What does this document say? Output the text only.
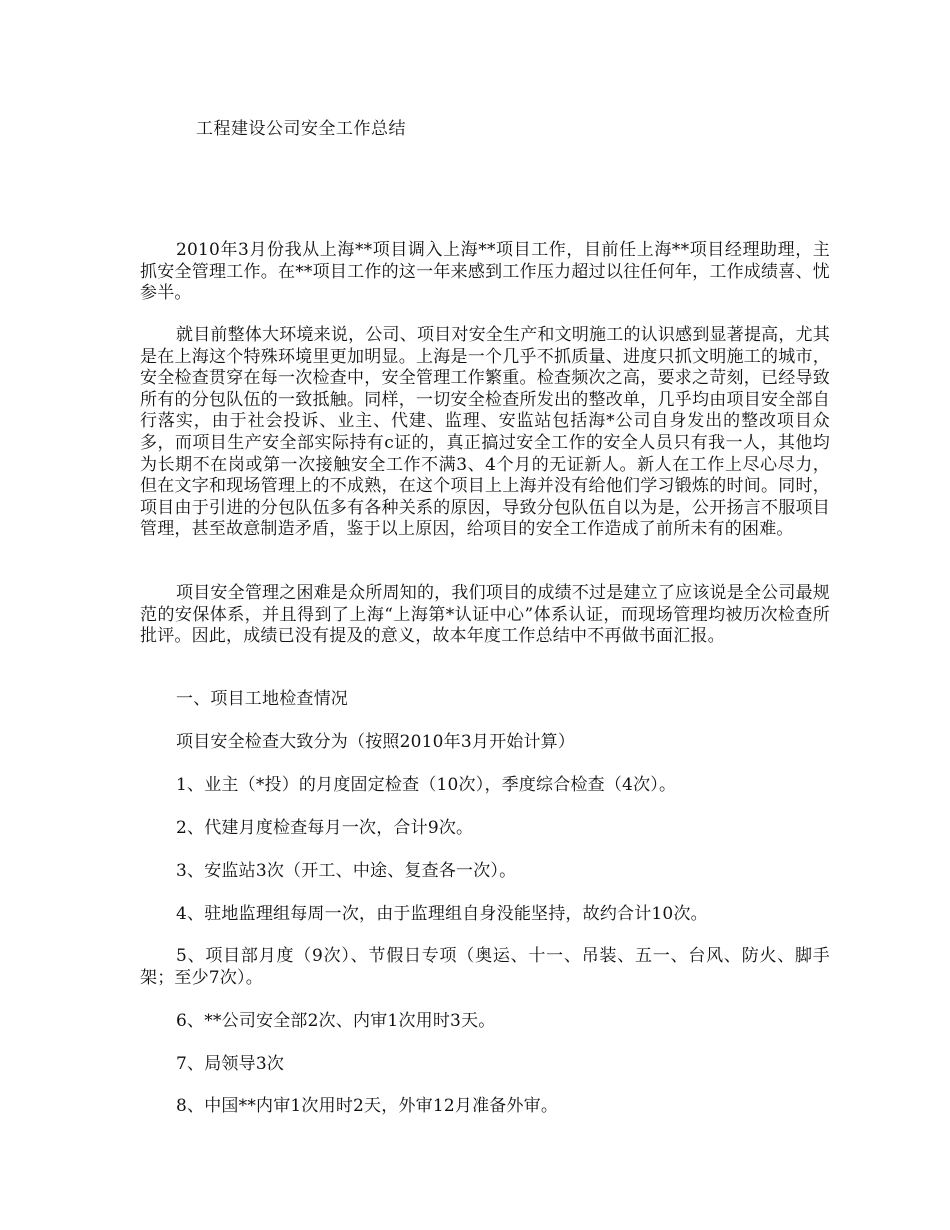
工程建设公司安全工作总结

2010年3月份我从上海**项目调入上海**项目工作，目前任上海**项目经理助理，主抓安全管理工作。在**项目工作的这一年来感到工作压力超过以往任何年，工作成绩喜、忧参半。

就目前整体大环境来说，公司、项目对安全生产和文明施工的认识感到显著提高，尤其是在上海这个特殊环境里更加明显。上海是一个几乎不抓质量、进度只抓文明施工的城市，安全检查贯穿在每一次检查中，安全管理工作繁重。检查频次之高，要求之苛刻，已经导致所有的分包队伍的一致抵触。同样，一切安全检查所发出的整改单，几乎均由项目安全部自行落实，由于社会投诉、业主、代建、监理、安监站包括海*公司自身发出的整改项目众多，而项目生产安全部实际持有c证的，真正搞过安全工作的安全人员只有我一人，其他均为长期不在岗或第一次接触安全工作不满3、4个月的无证新人。新人在工作上尽心尽力，但在文字和现场管理上的不成熟，在这个项目上上海并没有给他们学习锻炼的时间。同时，项目由于引进的分包队伍多有各种关系的原因，导致分包队伍自以为是，公开扬言不服项目管理，甚至故意制造矛盾，鉴于以上原因，给项目的安全工作造成了前所未有的困难。

项目安全管理之困难是众所周知的，我们项目的成绩不过是建立了应该说是全公司最规范的安保体系，并且得到了上海“上海第*认证中心”体系认证，而现场管理均被历次检查所批评。因此，成绩已没有提及的意义，故本年度工作总结中不再做书面汇报。

一、项目工地检查情况

项目安全检查大致分为（按照2010年3月开始计算）

1、业主（*投）的月度固定检查（10次），季度综合检查（4次）。

2、代建月度检查每月一次，合计9次。

3、安监站3次（开工、中途、复查各一次）。

4、驻地监理组每周一次，由于监理组自身没能坚持，故约合计10次。

5、项目部月度（9次）、节假日专项（奥运、十一、吊装、五一、台风、防火、脚手架；至少7次）。

6、**公司安全部2次、内审1次用时3天。

7、局领导3次

8、中国**内审1次用时2天，外审12月准备外审。
